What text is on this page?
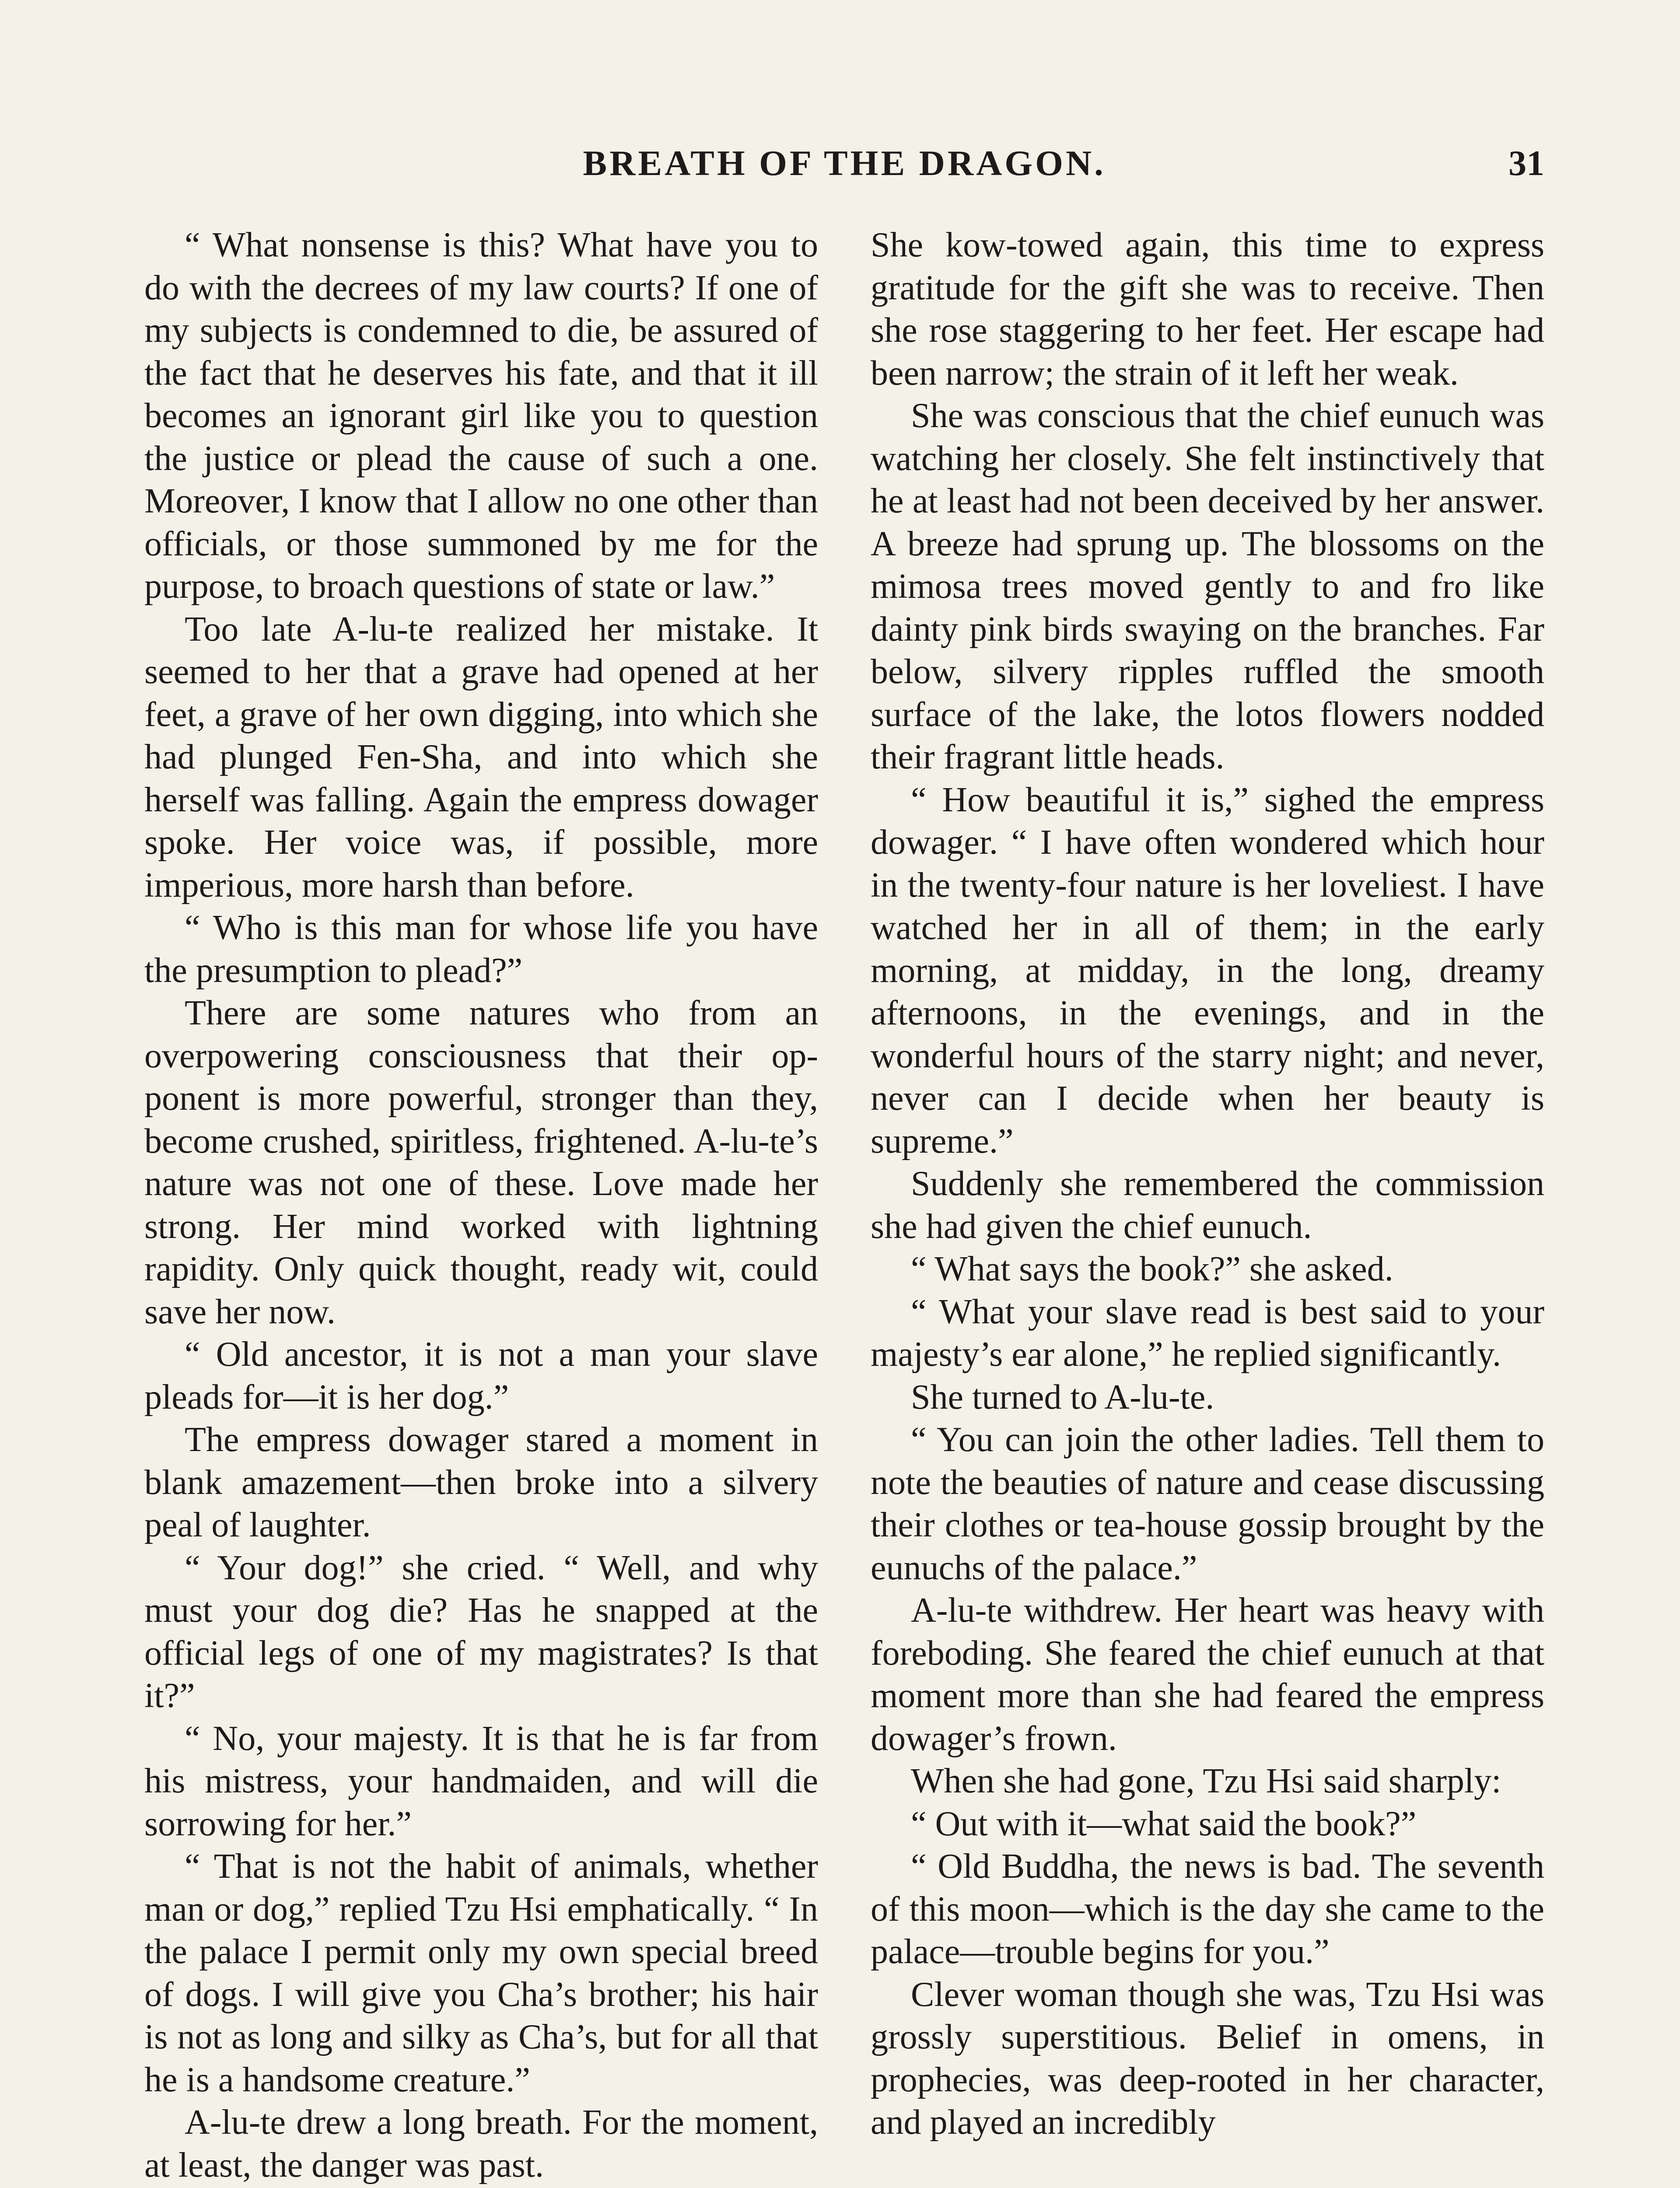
BREATH OF THE DRAGON.	31

“ What nonsense is this? What have you to do with the decrees of my law courts? If one of my subjects is condemned to die, be assured of the fact that he deserves his fate, and that it ill becomes an ignorant girl like you to question the justice or plead the cause of such a one. Moreover, I know that I allow no one other than officials, or those summoned by me for the purpose, to broach questions of state or law.”

Too late A-lu-te realized her mistake. It seemed to her that a grave had opened at her feet, a grave of her own digging, into which she had plunged Fen-Sha, and into which she herself was falling. Again the empress dowager spoke. Her voice was, if possible, more imperious, more harsh than before.

“ Who is this man for whose life you have the presumption to plead?”

There are some natures who from an overpowering consciousness that their opponent is more powerful, stronger than they, become crushed, spiritless, frightened. A-lu-te’s nature was not one of these. Love made her strong. Her mind worked with lightning rapidity. Only quick thought, ready wit, could save her now.

“ Old ancestor, it is not a man your slave pleads for—it is her dog.”

The empress dowager stared a moment in blank amazement—then broke into a silvery peal of laughter.

“ Your dog!” she cried. “ Well, and why must your dog die? Has he snapped at the official legs of one of my magistrates? Is that it?”

“ No, your majesty. It is that he is far from his mistress, your handmaiden, and will die sorrowing for her.”

“ That is not the habit of animals, whether man or dog,” replied Tzu Hsi emphatically. “ In the palace I permit only my own special breed of dogs. I will give you Cha’s brother; his hair is not as long and silky as Cha’s, but for all that he is a handsome creature.”

A-lu-te drew a long breath. For the moment, at least, the danger was past.

She kow-towed again, this time to express gratitude for the gift she was to receive. Then she rose staggering to her feet. Her escape had been narrow; the strain of it left her weak.

She was conscious that the chief eunuch was watching her closely. She felt instinctively that he at least had not been deceived by her answer. A breeze had sprung up. The blossoms on the mimosa trees moved gently to and fro like dainty pink birds swaying on the branches. Far below, silvery ripples ruffled the smooth surface of the lake, the lotos flowers nodded their fragrant little heads.

“ How beautiful it is,” sighed the empress dowager. “ I have often wondered which hour in the twenty-four nature is her loveliest. I have watched her in all of them; in the early morning, at midday, in the long, dreamy afternoons, in the evenings, and in the wonderful hours of the starry night; and never, never can I decide when her beauty is supreme.”

Suddenly she remembered the commission she had given the chief eunuch.

“ What says the book?” she asked.

“ What your slave read is best said to your majesty’s ear alone,” he replied significantly.

She turned to A-lu-te.

“ You can join the other ladies. Tell them to note the beauties of nature and cease discussing their clothes or tea-house gossip brought by the eunuchs of the palace.”

A-lu-te withdrew. Her heart was heavy with foreboding. She feared the chief eunuch at that moment more than she had feared the empress dowager’s frown.

When she had gone, Tzu Hsi said sharply:

“ Out with it—what said the book?”

“ Old Buddha, the news is bad. The seventh of this moon—which is the day she came to the palace—trouble begins for you.”

Clever woman though she was, Tzu Hsi was grossly superstitious. Belief in omens, in prophecies, was deep-rooted in her character, and played an incredibly
